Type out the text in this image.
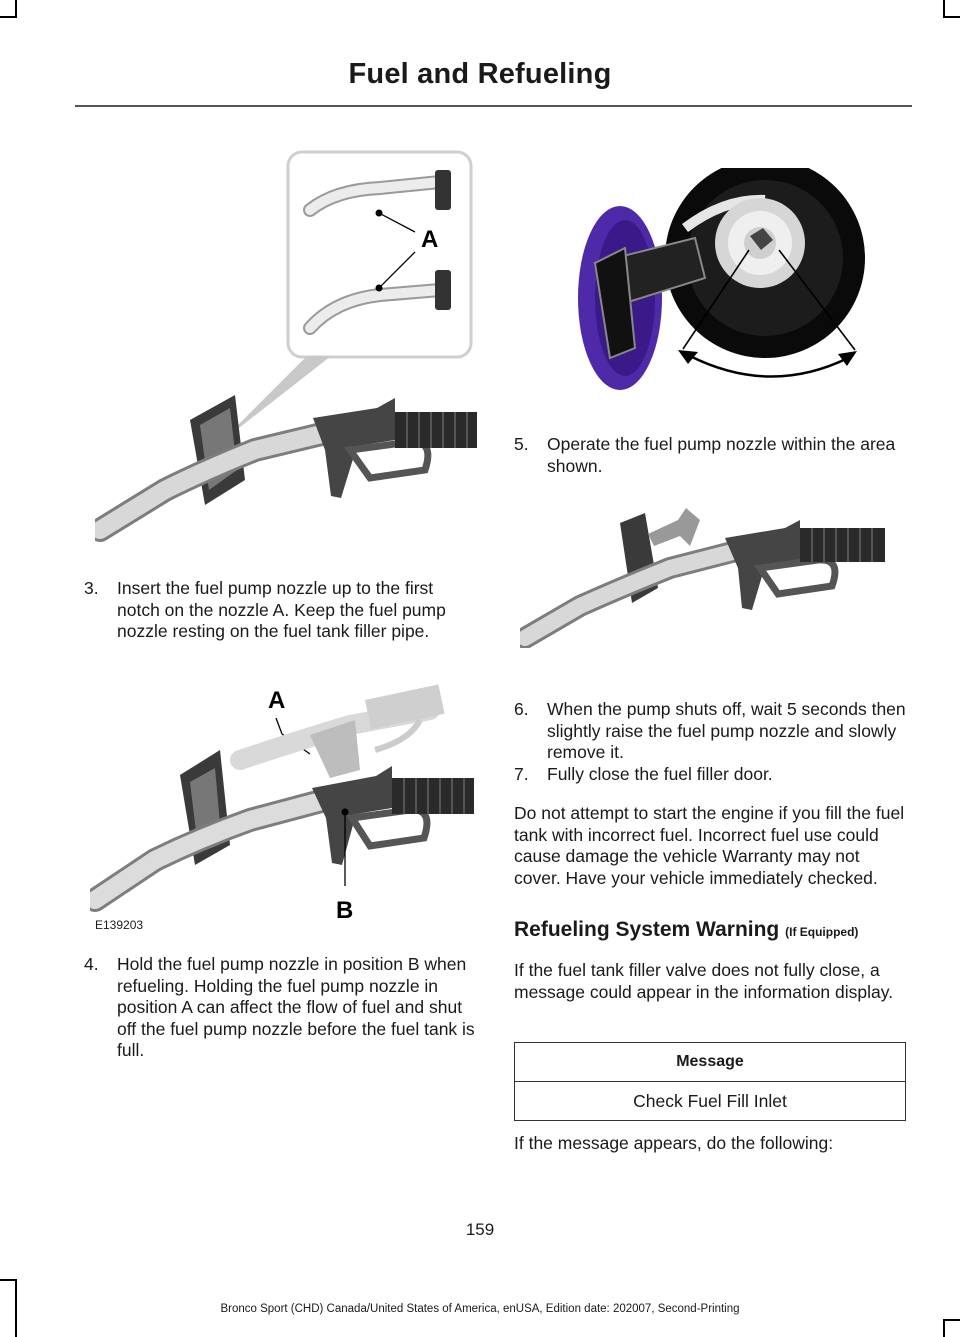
Fuel and Refueling
A
5. Operate the fuel pump nozzle within the area shown.
3. Insert the fuel pump nozzle up to the first notch on the nozzle A. Keep the fuel pump nozzle resting on the fuel tank filler pipe.
A
B
E139203
6. When the pump shuts off, wait 5 seconds then slightly raise the fuel pump nozzle and slowly remove it.
7. Fully close the fuel filler door.
Do not attempt to start the engine if you fill the fuel tank with incorrect fuel. Incorrect fuel use could cause damage the vehicle Warranty may not cover. Have your vehicle immediately checked.
Refueling System Warning (If Equipped)
If the fuel tank filler valve does not fully close, a message could appear in the information display.
4. Hold the fuel pump nozzle in position B when refueling. Holding the fuel pump nozzle in position A can affect the flow of fuel and shut off the fuel pump nozzle before the fuel tank is full.
Message
Check Fuel Fill Inlet
If the message appears, do the following:
159
Bronco Sport (CHD) Canada/United States of America, enUSA, Edition date: 202007, Second-Printing
